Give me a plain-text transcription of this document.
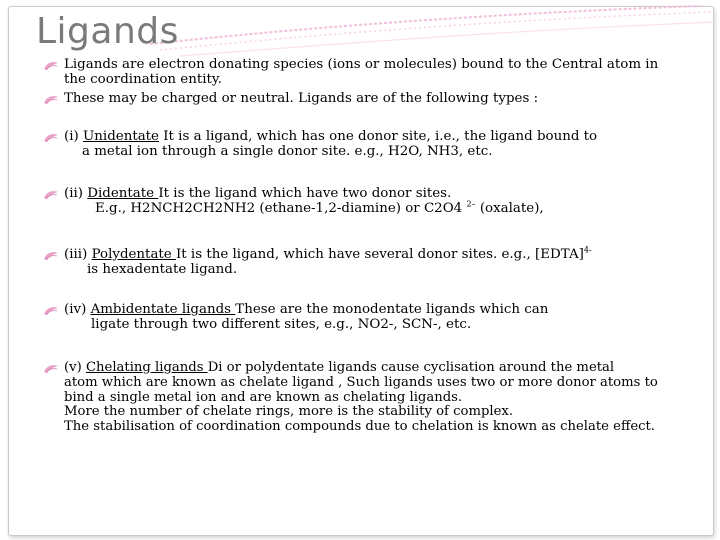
Ligands
Ligands are electron donating species (ions or molecules) bound to the Central atom in
the coordination entity.
These may be charged or neutral. Ligands are of the following types :
(i) Unidentate It is a ligand, which has one donor site, i.e., the ligand bound to
a metal ion through a single donor site. e.g., H2O, NH3, etc.
(ii) Didentate It is the ligand which have two donor sites.
E.g., H2NCH2CH2NH2 (ethane-1,2-diamine) or C2O4 $^{2-}$ (oxalate),
(iii) Polydentate It is the ligand, which have several donor sites. e.g., [EDTA]$^{4-}$
is hexadentate ligand.
(iv) Ambidentate ligands These are the monodentate ligands which can
ligate through two different sites, e.g., NO2-, SCN-, etc.
(v) Chelating ligands Di or polydentate ligands cause cyclisation around the metal
atom which are known as chelate ligand , Such ligands uses two or more donor atoms to
bind a single metal ion and are known as chelating ligands.
More the number of chelate rings, more is the stability of complex.
The stabilisation of coordination compounds due to chelation is known as chelate effect.
